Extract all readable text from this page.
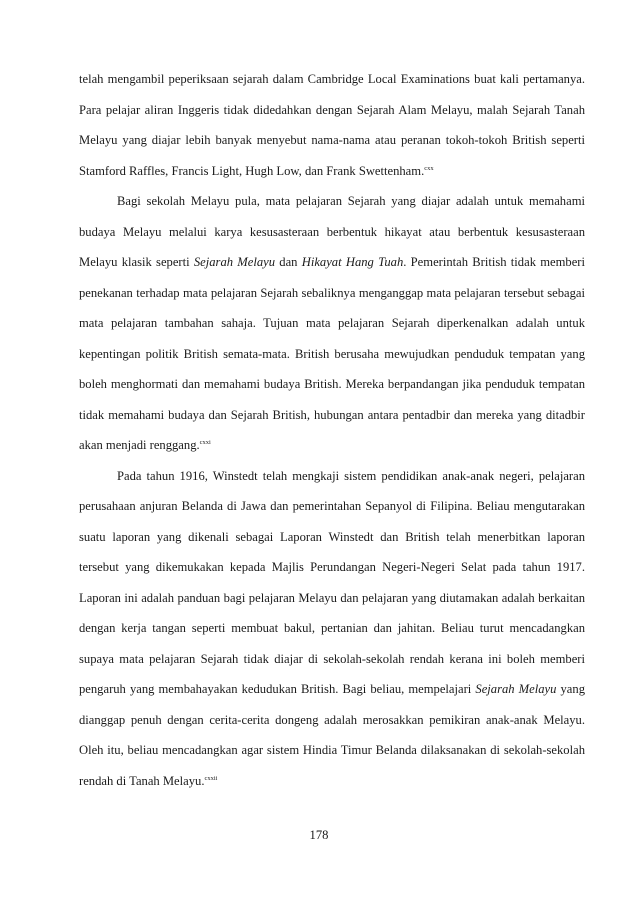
telah mengambil peperiksaan sejarah dalam Cambridge Local Examinations buat kali pertamanya. Para pelajar aliran Inggeris tidak didedahkan dengan Sejarah Alam Melayu, malah Sejarah Tanah Melayu yang diajar lebih banyak menyebut nama-nama atau peranan tokoh-tokoh British seperti Stamford Raffles, Francis Light, Hugh Low, dan Frank Swettenham.$^{cxx}$

Bagi sekolah Melayu pula, mata pelajaran Sejarah yang diajar adalah untuk memahami budaya Melayu melalui karya kesusasteraan berbentuk hikayat atau berbentuk kesusasteraan Melayu klasik seperti Sejarah Melayu dan Hikayat Hang Tuah. Pemerintah British tidak memberi penekanan terhadap mata pelajaran Sejarah sebaliknya menganggap mata pelajaran tersebut sebagai mata pelajaran tambahan sahaja. Tujuan mata pelajaran Sejarah diperkenalkan adalah untuk kepentingan politik British semata-mata. British berusaha mewujudkan penduduk tempatan yang boleh menghormati dan memahami budaya British. Mereka berpandangan jika penduduk tempatan tidak memahami budaya dan Sejarah British, hubungan antara pentadbir dan mereka yang ditadbir akan menjadi renggang.$^{cxxi}$

Pada tahun 1916, Winstedt telah mengkaji sistem pendidikan anak-anak negeri, pelajaran perusahaan anjuran Belanda di Jawa dan pemerintahan Sepanyol di Filipina. Beliau mengutarakan suatu laporan yang dikenali sebagai Laporan Winstedt dan British telah menerbitkan laporan tersebut yang dikemukakan kepada Majlis Perundangan Negeri-Negeri Selat pada tahun 1917. Laporan ini adalah panduan bagi pelajaran Melayu dan pelajaran yang diutamakan adalah berkaitan dengan kerja tangan seperti membuat bakul, pertanian dan jahitan. Beliau turut mencadangkan supaya mata pelajaran Sejarah tidak diajar di sekolah-sekolah rendah kerana ini boleh memberi pengaruh yang membahayakan kedudukan British. Bagi beliau, mempelajari Sejarah Melayu yang dianggap penuh dengan cerita-cerita dongeng adalah merosakkan pemikiran anak-anak Melayu. Oleh itu, beliau mencadangkan agar sistem Hindia Timur Belanda dilaksanakan di sekolah-sekolah rendah di Tanah Melayu.$^{cxxii}$

178
